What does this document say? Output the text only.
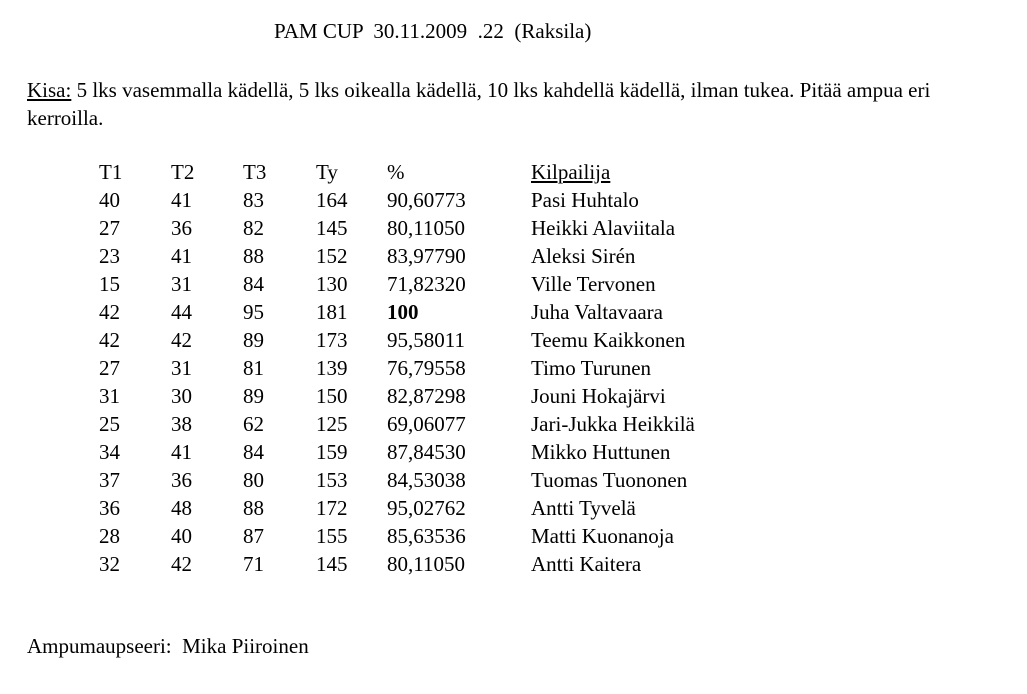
PAM CUP  30.11.2009  .22  (Raksila)
Kisa: 5 lks vasemmalla kädellä, 5 lks oikealla kädellä, 10 lks kahdellä kädellä, ilman tukea. Pitää ampua eri kerroilla.
T1 T2 T3 Ty %	Kilpailija
40 41 83 164 90,60773	Pasi Huhtalo
27 36 82 145 80,11050	Heikki Alaviitala
23 41 88 152 83,97790	Aleksi Sirén
15 31 84 130 71,82320	Ville Tervonen
42 44 95 181 100	Juha Valtavaara
42 42 89 173 95,58011	Teemu Kaikkonen
27 31 81 139 76,79558	Timo Turunen
31 30 89 150 82,87298	Jouni Hokajärvi
25 38 62 125 69,06077	Jari-Jukka Heikkilä
34 41 84 159 87,84530	Mikko Huttunen
37 36 80 153 84,53038	Tuomas Tuononen
36 48 88 172 95,02762	Antti Tyvelä
28 40 87 155 85,63536	Matti Kuonanoja
32 42 71 145 80,11050	Antti Kaitera
Ampumaupseeri:  Mika Piiroinen
